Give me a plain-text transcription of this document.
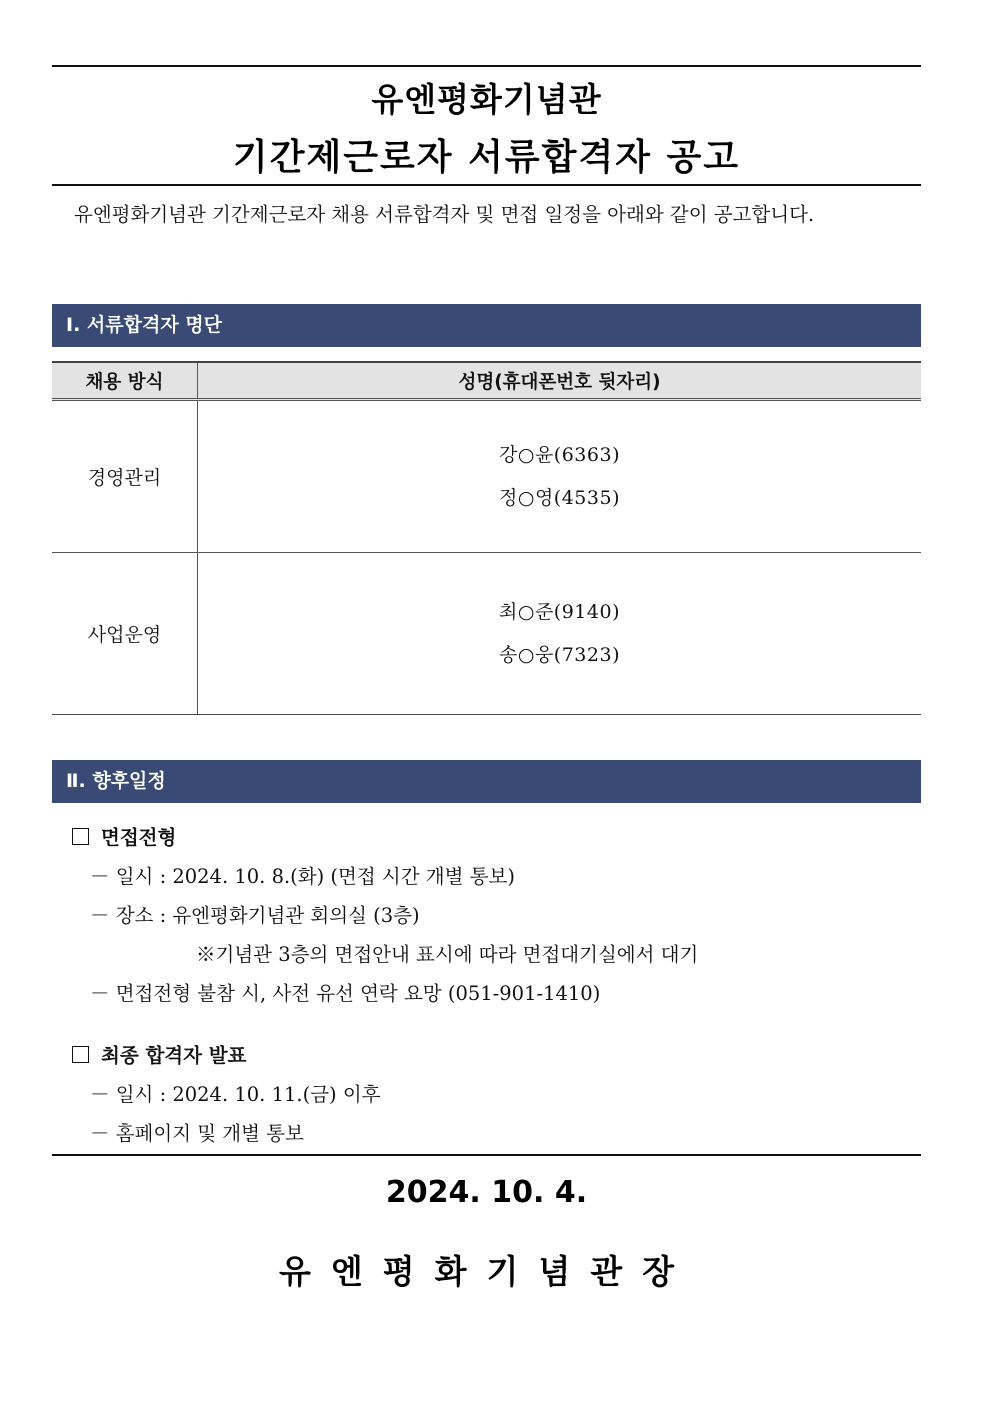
유엔평화기념관
기간제근로자 서류합격자 공고
유엔평화기념관 기간제근로자 채용 서류합격자 및 면접 일정을 아래와 같이 공고합니다.
Ⅰ. 서류합격자 명단
채용 방식	성명(휴대폰번호 뒷자리)
경영관리	강○윤(6363)
정○영(4535)

사업운영	최○준(9140)
송○웅(7323)
Ⅱ. 향후일정
면접전형
－ 일시 : 2024. 10. 8.(화) (면접 시간 개별 통보)
－ 장소 : 유엔평화기념관 회의실 (3층)
※기념관 3층의 면접안내 표시에 따라 면접대기실에서 대기
－ 면접전형 불참 시, 사전 유선 연락 요망 (051-901-1410)
최종 합격자 발표
－ 일시 : 2024. 10. 11.(금) 이후
－ 홈페이지 및 개별 통보
2024. 10. 4.
유엔평화기념관장
